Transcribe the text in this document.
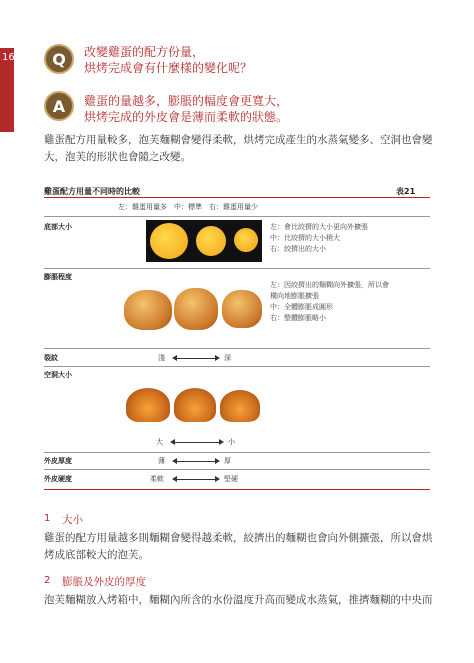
166
泡芙麵糊
Q	改變雞蛋的配方份量，
烘烤完成會有什麼樣的變化呢？
A	雞蛋的量越多，膨脹的幅度會更寬大，
烘烤完成的外皮會是薄而柔軟的狀態。
雞蛋配方用量較多，泡芙麵糊會變得柔軟，烘烤完成產生的水蒸氣變多、空洞也會變
大，泡芙的形狀也會隨之改變。
雞蛋配方用量不同時的比較	表21
左：雞蛋用量多　中：標準　右：雞蛋用量少
底部大小	左：會比絞擠的大小更向外擴張
中：比絞擠的大小稍大
右：絞擠出的大小
膨脹程度
左：因絞擠出的麵糊向外擴張，所以會
橫向地膨脹擴張
中：全體膨脹成圓形
右：整體膨脹略小
裂紋	淺	深
空洞大小
大	小
外皮厚度	薄	厚
外皮硬度	柔軟	堅硬
1 大小
雞蛋的配方用量越多則麵糊會變得越柔軟，絞擠出的麵糊也會向外側擴張，所以會烘
烤成底部較大的泡芙。
2 膨脹及外皮的厚度
泡芙麵糊放入烤箱中，麵糊內所含的水份溫度升高而變成水蒸氣，推擠麵糊的中央而
